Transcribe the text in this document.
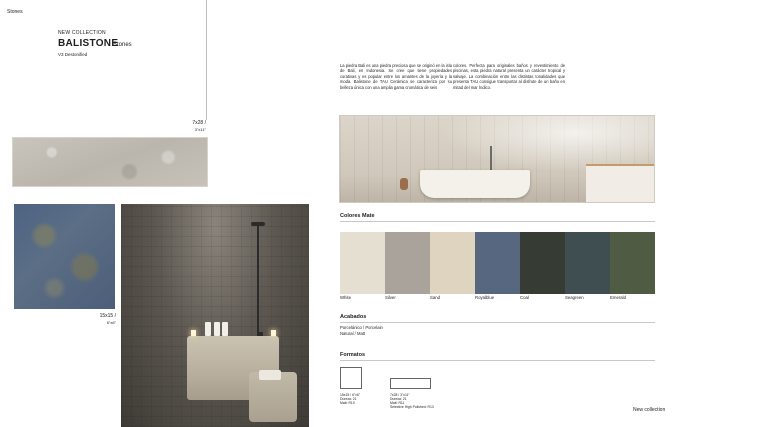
Stones
NEW COLLECTION
BALISTONE
Stones
V3 Destonified
7x28 /
3"x11"
15x15 /
6"x6"
La piedra Bali es una piedra preciosa que se originó en la isla de Bali, en Indonesia. Se cree que tiene propiedades curativas y es popular entre los amantes de la joyería y la moda. Balistone de TAU Cerámica se caracteriza por su belleza única con una amplia gama cromática de seis
colores. Perfecta para originales baños y revestimiento de piscinas, esta piedra natural presenta un carácter tropical y salvaje. La combinación entre las distintas tonalidades que presenta TAU consigue transportar al disfrute de un baño en mitad del mar Índico.
Colores Mate
White	Silver	Sand	Royalblue	Coal	Seagreen	Emerald
Acabados
Porcelánico / Porcelain
Natural / Matt
Formatos
15x15 / 6"x6"
Dureza: 21
Matt: R10
7x28 / 3"x11"
Dureza: 21
Matt: R11
Selective High Polished: R13	New collection
